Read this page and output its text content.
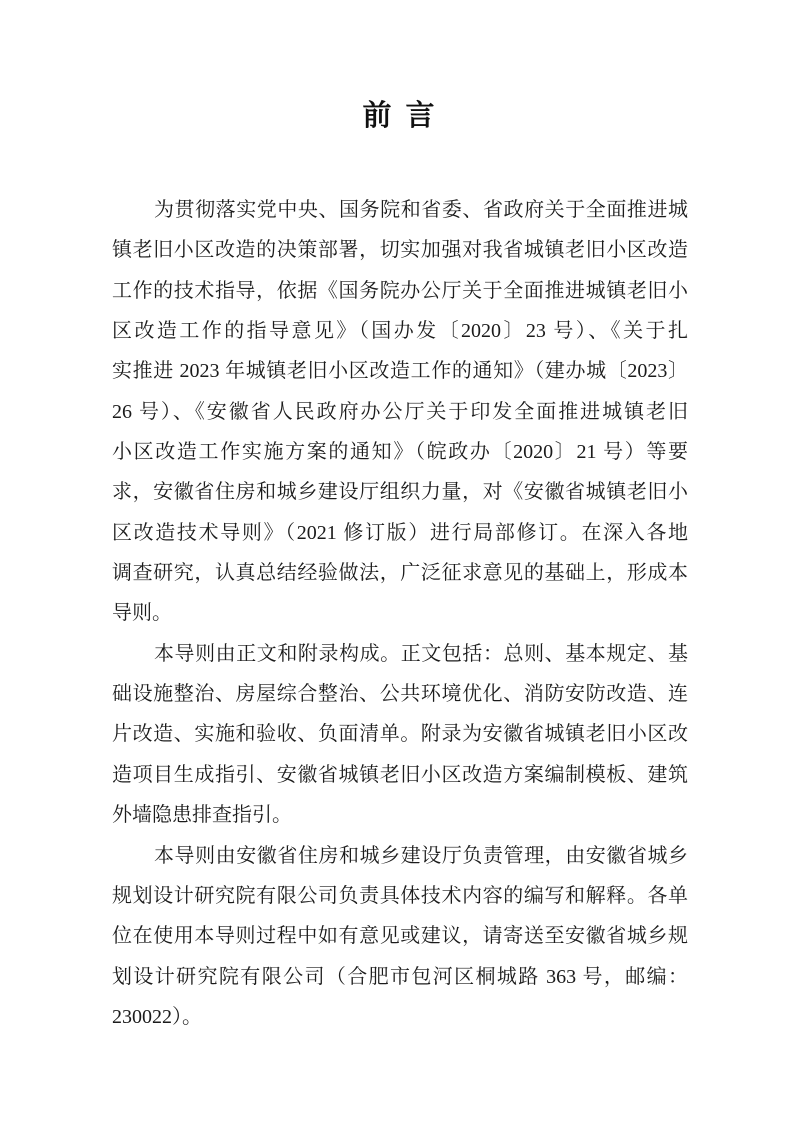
前 言
为贯彻落实党中央、国务院和省委、省政府关于全面推进城
镇老旧小区改造的决策部署，切实加强对我省城镇老旧小区改造
工作的技术指导，依据《国务院办公厅关于全面推进城镇老旧小
区改造工作的指导意见》（国办发〔2020〕23 号）、《关于扎
实推进 2023 年城镇老旧小区改造工作的通知》（建办城〔2023〕
26 号）、《安徽省人民政府办公厅关于印发全面推进城镇老旧
小区改造工作实施方案的通知》（皖政办〔2020〕21 号）等要
求，安徽省住房和城乡建设厅组织力量，对《安徽省城镇老旧小
区改造技术导则》（2021 修订版）进行局部修订。在深入各地
调查研究，认真总结经验做法，广泛征求意见的基础上，形成本
导则。
本导则由正文和附录构成。正文包括：总则、基本规定、基
础设施整治、房屋综合整治、公共环境优化、消防安防改造、连
片改造、实施和验收、负面清单。附录为安徽省城镇老旧小区改
造项目生成指引、安徽省城镇老旧小区改造方案编制模板、建筑
外墙隐患排查指引。
本导则由安徽省住房和城乡建设厅负责管理，由安徽省城乡
规划设计研究院有限公司负责具体技术内容的编写和解释。各单
位在使用本导则过程中如有意见或建议，请寄送至安徽省城乡规
划设计研究院有限公司（合肥市包河区桐城路 363 号，邮编：
230022）。
